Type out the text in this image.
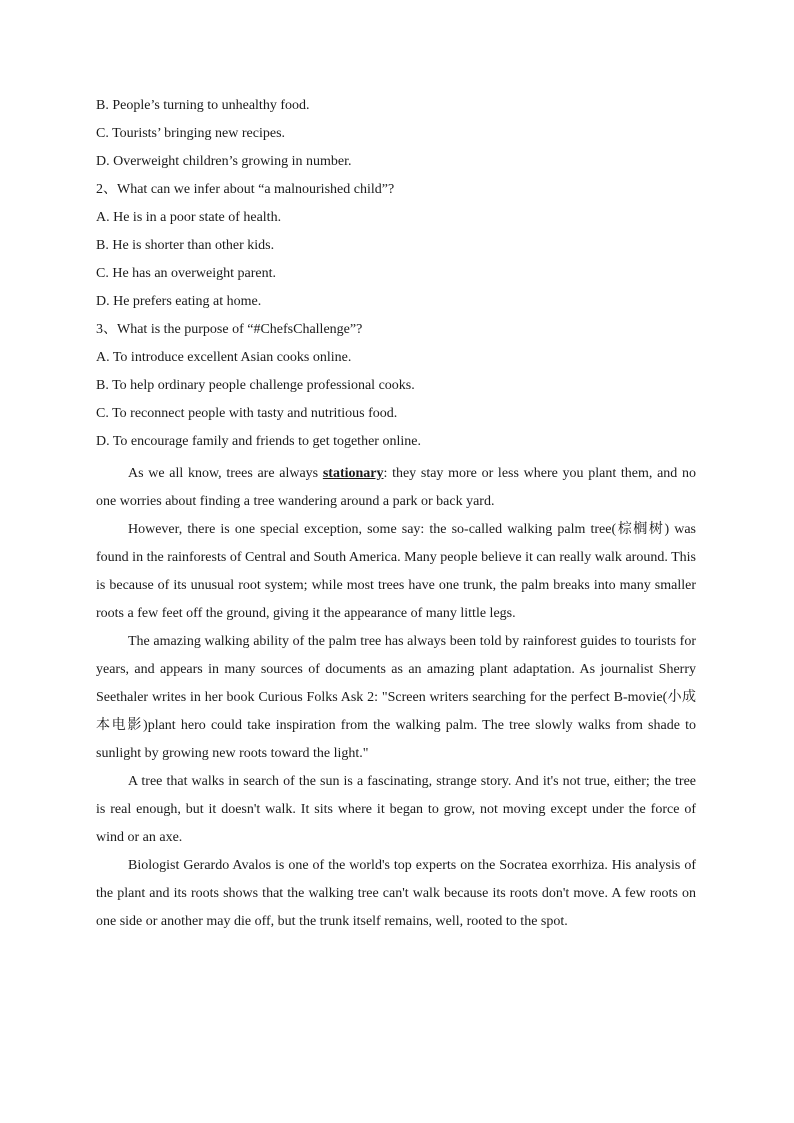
B. People’s turning to unhealthy food.
C. Tourists’ bringing new recipes.
D. Overweight children’s growing in number.
2、What can we infer about “a malnourished child”?
A. He is in a poor state of health.
B. He is shorter than other kids.
C. He has an overweight parent.
D. He prefers eating at home.
3、What is the purpose of “#ChefsChallenge”?
A. To introduce excellent Asian cooks online.
B. To help ordinary people challenge professional cooks.
C. To reconnect people with tasty and nutritious food.
D. To encourage family and friends to get together online.

As we all know, trees are always stationary: they stay more or less where you plant them, and no one worries about finding a tree wandering around a park or back yard.

However, there is one special exception, some say: the so-called walking palm tree(棕榈树) was found in the rainforests of Central and South America. Many people believe it can really walk around. This is because of its unusual root system; while most trees have one trunk, the palm breaks into many smaller roots a few feet off the ground, giving it the appearance of many little legs.

The amazing walking ability of the palm tree has always been told by rainforest guides to tourists for years, and appears in many sources of documents as an amazing plant adaptation. As journalist Sherry Seethaler writes in her book Curious Folks Ask 2: "Screen writers searching for the perfect B-movie(小成本电影)plant hero could take inspiration from the walking palm. The tree slowly walks from shade to sunlight by growing new roots toward the light."

A tree that walks in search of the sun is a fascinating, strange story. And it's not true, either; the tree is real enough, but it doesn't walk. It sits where it began to grow, not moving except under the force of wind or an axe.

Biologist Gerardo Avalos is one of the world's top experts on the Socratea exorrhiza. His analysis of the plant and its roots shows that the walking tree can't walk because its roots don't move. A few roots on one side or another may die off, but the trunk itself remains, well, rooted to the spot.
